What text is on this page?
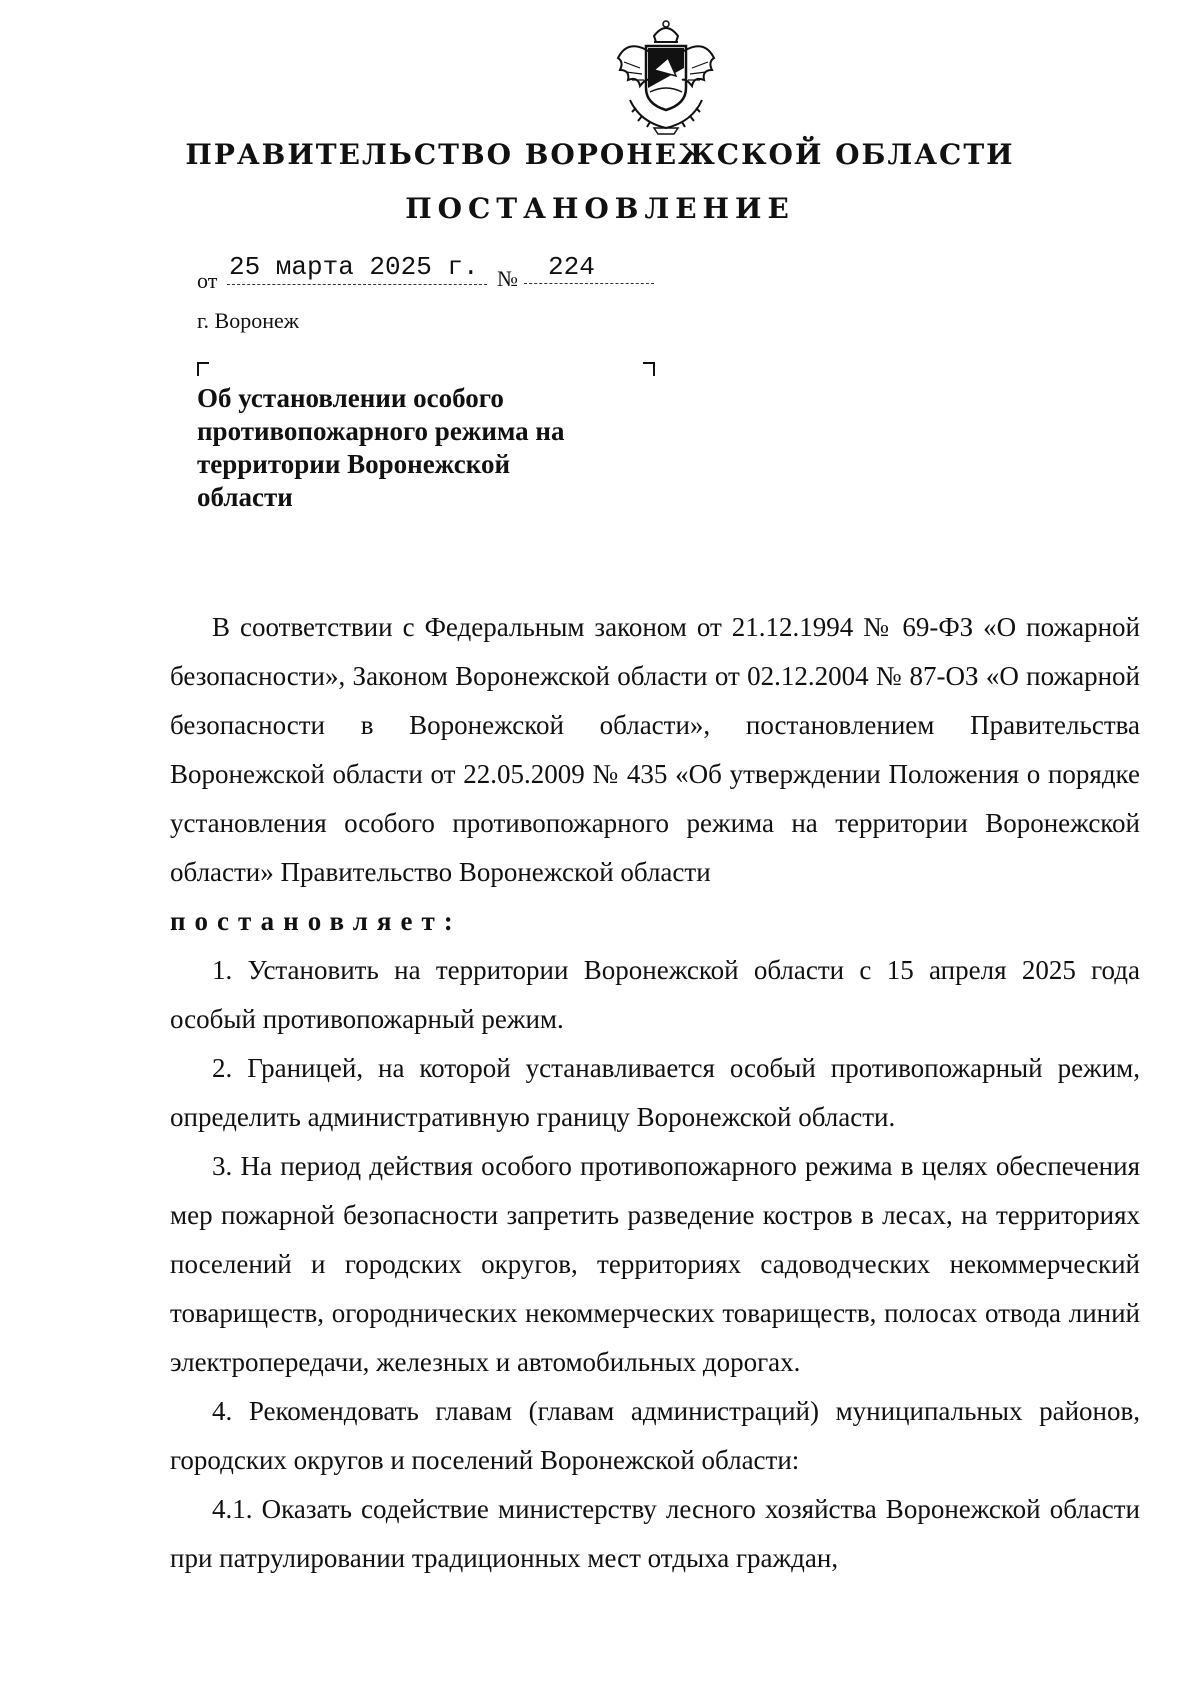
ПРАВИТЕЛЬСТВО ВОРОНЕЖСКОЙ ОБЛАСТИ
ПОСТАНОВЛЕНИЕ
от 25 марта 2025 г. №	224
г. Воронеж
Об установлении особого
противопожарного режима на
территории Воронежской
области

В соответствии с Федеральным законом от 21.12.1994 № 69-ФЗ «О пожарной безопасности», Законом Воронежской области от 02.12.2004 № 87-ОЗ «О пожарной безопасности в Воронежской области», постановлением Правительства Воронежской области от 22.05.2009 № 435 «Об утверждении Положения о порядке установления особого противопожарного режима на территории Воронежской области» Правительство Воронежской области

постановляет:

1. Установить на территории Воронежской области с 15 апреля 2025 года особый противопожарный режим.

2. Границей, на которой устанавливается особый противопожарный режим, определить административную границу Воронежской области.

3. На период действия особого противопожарного режима в целях обеспечения мер пожарной безопасности запретить разведение костров в лесах, на территориях поселений и городских округов, территориях садоводческих некоммерческий товариществ, огороднических некоммерческих товариществ, полосах отвода линий электропередачи, железных и автомобильных дорогах.

4. Рекомендовать главам (главам администраций) муниципальных районов, городских округов и поселений Воронежской области:

4.1. Оказать содействие министерству лесного хозяйства Воронежской области при патрулировании традиционных мест отдыха граждан,
